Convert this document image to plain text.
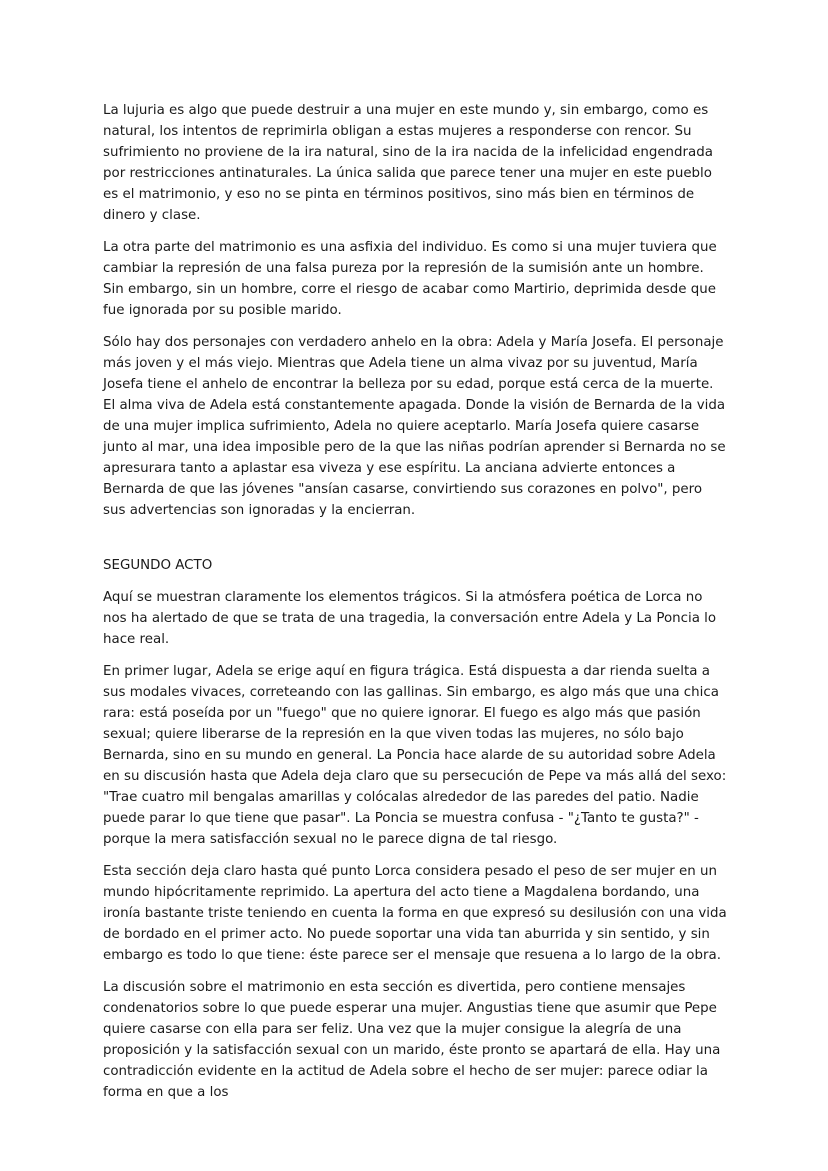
La lujuria es algo que puede destruir a una mujer en este mundo y, sin embargo, como es natural, los intentos de reprimirla obligan a estas mujeres a responderse con rencor. Su sufrimiento no proviene de la ira natural, sino de la ira nacida de la infelicidad engendrada por restricciones antinaturales. La única salida que parece tener una mujer en este pueblo es el matrimonio, y eso no se pinta en términos positivos, sino más bien en términos de dinero y clase.

La otra parte del matrimonio es una asfixia del individuo. Es como si una mujer tuviera que cambiar la represión de una falsa pureza por la represión de la sumisión ante un hombre. Sin embargo, sin un hombre, corre el riesgo de acabar como Martirio, deprimida desde que fue ignorada por su posible marido.

Sólo hay dos personajes con verdadero anhelo en la obra: Adela y María Josefa. El personaje más joven y el más viejo. Mientras que Adela tiene un alma vivaz por su juventud, María Josefa tiene el anhelo de encontrar la belleza por su edad, porque está cerca de la muerte. El alma viva de Adela está constantemente apagada. Donde la visión de Bernarda de la vida de una mujer implica sufrimiento, Adela no quiere aceptarlo. María Josefa quiere casarse junto al mar, una idea imposible pero de la que las niñas podrían aprender si Bernarda no se apresurara tanto a aplastar esa viveza y ese espíritu. La anciana advierte entonces a Bernarda de que las jóvenes "ansían casarse, convirtiendo sus corazones en polvo", pero sus advertencias son ignoradas y la encierran.

SEGUNDO ACTO

Aquí se muestran claramente los elementos trágicos. Si la atmósfera poética de Lorca no nos ha alertado de que se trata de una tragedia, la conversación entre Adela y La Poncia lo hace real.

En primer lugar, Adela se erige aquí en figura trágica. Está dispuesta a dar rienda suelta a sus modales vivaces, correteando con las gallinas. Sin embargo, es algo más que una chica rara: está poseída por un "fuego" que no quiere ignorar. El fuego es algo más que pasión sexual; quiere liberarse de la represión en la que viven todas las mujeres, no sólo bajo Bernarda, sino en su mundo en general. La Poncia hace alarde de su autoridad sobre Adela en su discusión hasta que Adela deja claro que su persecución de Pepe va más allá del sexo: "Trae cuatro mil bengalas amarillas y colócalas alrededor de las paredes del patio. Nadie puede parar lo que tiene que pasar". La Poncia se muestra confusa - "¿Tanto te gusta?" - porque la mera satisfacción sexual no le parece digna de tal riesgo.

Esta sección deja claro hasta qué punto Lorca considera pesado el peso de ser mujer en un mundo hipócritamente reprimido. La apertura del acto tiene a Magdalena bordando, una ironía bastante triste teniendo en cuenta la forma en que expresó su desilusión con una vida de bordado en el primer acto. No puede soportar una vida tan aburrida y sin sentido, y sin embargo es todo lo que tiene: éste parece ser el mensaje que resuena a lo largo de la obra.

La discusión sobre el matrimonio en esta sección es divertida, pero contiene mensajes condenatorios sobre lo que puede esperar una mujer. Angustias tiene que asumir que Pepe quiere casarse con ella para ser feliz. Una vez que la mujer consigue la alegría de una proposición y la satisfacción sexual con un marido, éste pronto se apartará de ella. Hay una contradicción evidente en la actitud de Adela sobre el hecho de ser mujer: parece odiar la forma en que a los
